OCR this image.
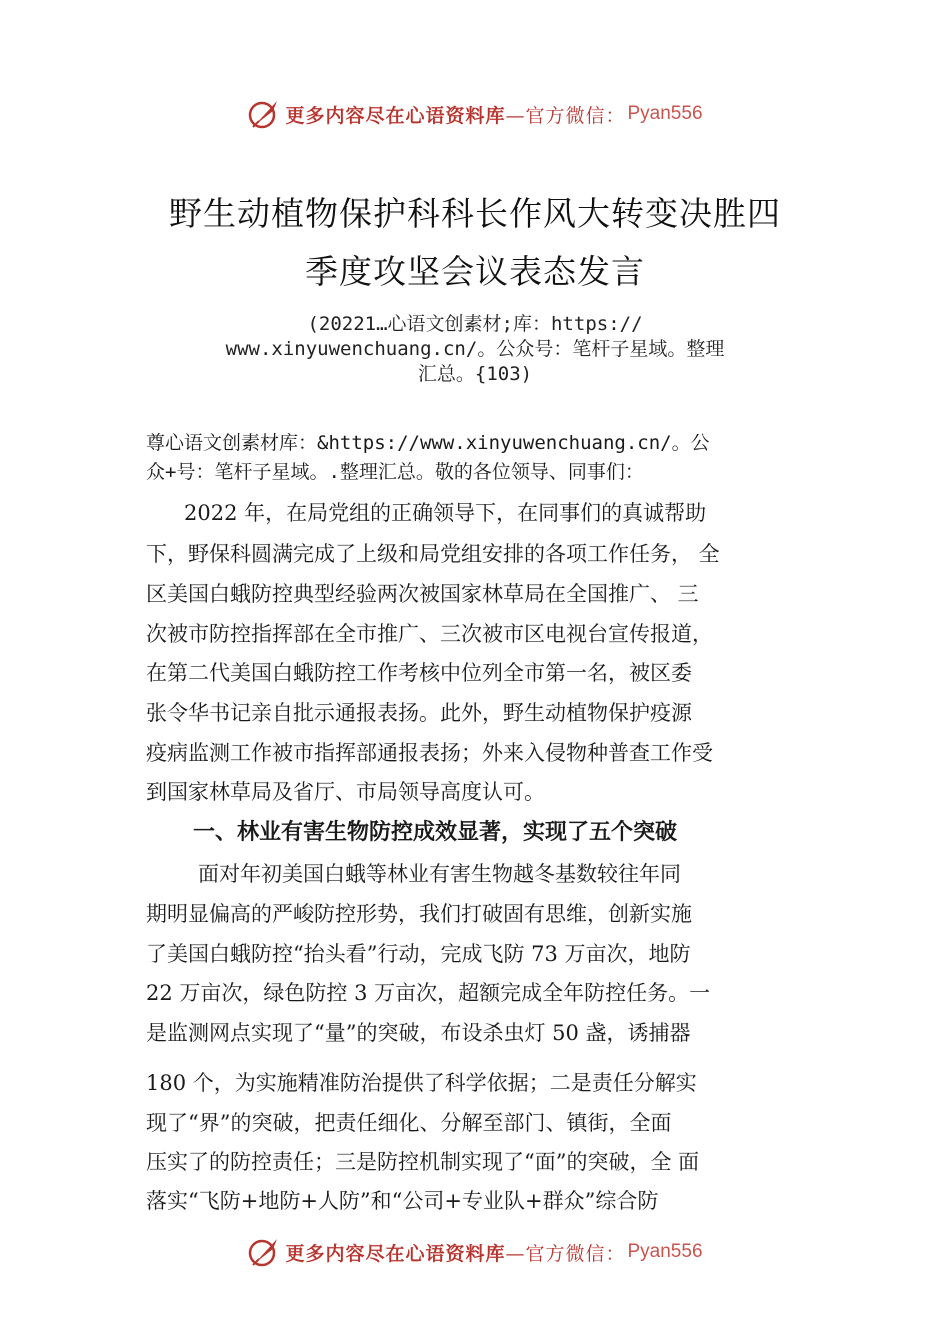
更多内容尽在心语资料库 —官方微信： Pyan556
野生动植物保护科科长作风大转变决胜四
季度攻坚会议表态发言
(20221…心语文创素材;库：https://
www.xinyuwenchuang.cn/。公众号：笔杆子星域。整理
汇总。{103)
尊心语文创素材库：&https://www.xinyuwenchuang.cn/。公
众+号：笔杆子星域。.整理汇总。敬的各位领导、同事们：
2022 年，在局党组的正确领导下，在同事们的真诚帮助
下，野保科圆满完成了上级和局党组安排的各项工作任务， 全
区美国白蛾防控典型经验两次被国家林草局在全国推广、 三
次被市防控指挥部在全市推广、三次被市区电视台宣传报道，
在第二代美国白蛾防控工作考核中位列全市第一名，被区委
张令华书记亲自批示通报表扬。此外，野生动植物保护疫源
疫病监测工作被市指挥部通报表扬；外来入侵物种普查工作受
到国家林草局及省厅、市局领导高度认可。
一、林业有害生物防控成效显著，实现了五个突破
面对年初美国白蛾等林业有害生物越冬基数较往年同
期明显偏高的严峻防控形势，我们打破固有思维，创新实施
了美国白蛾防控“抬头看”行动，完成飞防 73 万亩次，地防
22 万亩次，绿色防控 3 万亩次，超额完成全年防控任务。一
是监测网点实现了“量”的突破，布设杀虫灯 50 盏，诱捕器
180 个，为实施精准防治提供了科学依据；二是责任分解实
现了“界”的突破，把责任细化、分解至部门、镇街，全面
压实了的防控责任；三是防控机制实现了“面”的突破，全 面
落实“飞防+地防+人防”和“公司+专业队+群众”综合防
更多内容尽在心语资料库 —官方微信： Pyan556
